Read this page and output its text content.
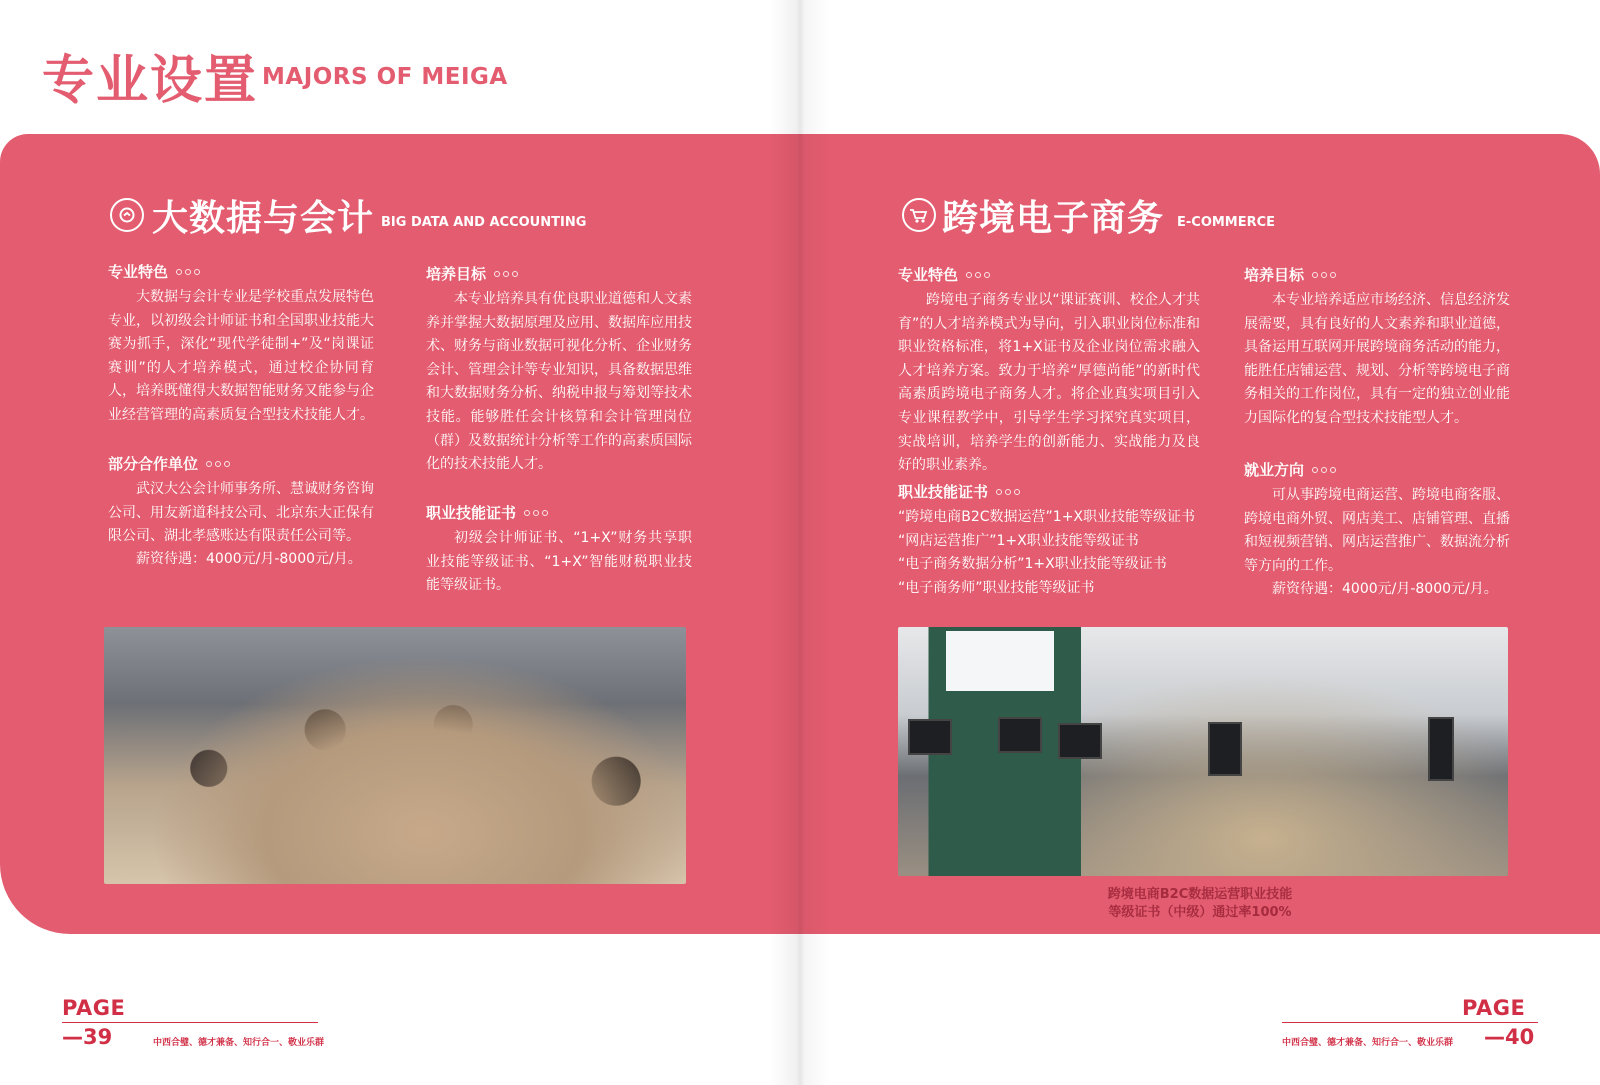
专业设置 MAJORS OF MEIGA
大数据与会计 BIG DATA AND ACCOUNTING
专业特色
大数据与会计专业是学校重点发展特色专业，以初级会计师证书和全国职业技能大赛为抓手，深化“现代学徒制+”及“岗课证赛训”的人才培养模式，通过校企协同育人，培养既懂得大数据智能财务又能参与企业经营管理的高素质复合型技术技能人才。
部分合作单位
武汉大公会计师事务所、慧诚财务咨询公司、用友新道科技公司、北京东大正保有限公司、湖北孝感账达有限责任公司等。
薪资待遇：4000元/月-8000元/月。
培养目标
本专业培养具有优良职业道德和人文素养并掌握大数据原理及应用、数据库应用技术、财务与商业数据可视化分析、企业财务会计、管理会计等专业知识，具备数据思维和大数据财务分析、纳税申报与筹划等技术技能。能够胜任会计核算和会计管理岗位（群）及数据统计分析等工作的高素质国际化的技术技能人才。
职业技能证书
初级会计师证书、“1+X”财务共享职业技能等级证书、“1+X”智能财税职业技能等级证书。
跨境电子商务 E-COMMERCE
专业特色
跨境电子商务专业以“课证赛训、校企人才共育”的人才培养模式为导向，引入职业岗位标准和职业资格标准，将1+X证书及企业岗位需求融入人才培养方案。致力于培养“厚德尚能”的新时代高素质跨境电子商务人才。将企业真实项目引入专业课程教学中，引导学生学习探究真实项目，实战培训，培养学生的创新能力、实战能力及良好的职业素养。
职业技能证书
“跨境电商B2C数据运营”1+X职业技能等级证书
“网店运营推广”1+X职业技能等级证书
“电子商务数据分析”1+X职业技能等级证书
“电子商务师”职业技能等级证书
培养目标
本专业培养适应市场经济、信息经济发展需要，具有良好的人文素养和职业道德，具备运用互联网开展跨境商务活动的能力，能胜任店铺运营、规划、分析等跨境电子商务相关的工作岗位，具有一定的独立创业能力国际化的复合型技术技能型人才。
就业方向
可从事跨境电商运营、跨境电商客服、跨境电商外贸、网店美工、店铺管理、直播和短视频营销、网店运营推广、数据流分析等方向的工作。
薪资待遇：4000元/月-8000元/月。
跨境电商B2C数据运营职业技能
等级证书（中级）通过率100%
PAGE
—39	中西合璧、德才兼备、知行合一、敬业乐群
PAGE
—40
中西合璧、德才兼备、知行合一、敬业乐群
